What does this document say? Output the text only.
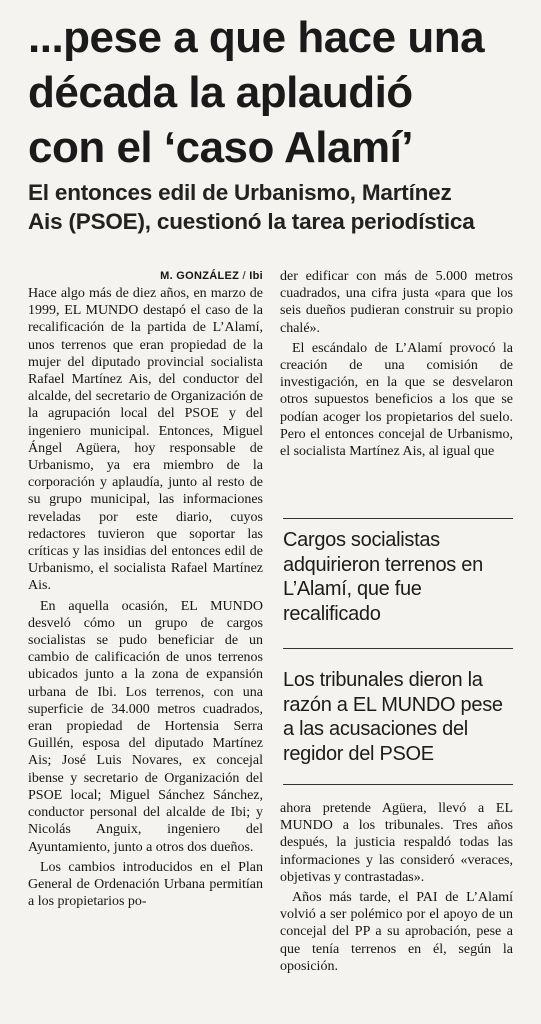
...pese a que hace una
década la aplaudió
con el ‘caso Alamí’
El entonces edil de Urbanismo, Martínez
Ais (PSOE), cuestionó la tarea periodística
M. GONZÁLEZ / Ibi

Hace algo más de diez años, en marzo de 1999, EL MUNDO destapó el caso de la recalificación de la partida de L’Alamí, unos terrenos que eran propiedad de la mujer del diputado provincial socialista Rafael Martínez Ais, del conductor del alcalde, del secretario de Organización de la agrupación local del PSOE y del ingeniero municipal. Entonces, Miguel Ángel Agüera, hoy responsable de Urbanismo, ya era miembro de la corporación y aplaudía, junto al resto de su grupo municipal, las informaciones reveladas por este diario, cuyos redactores tuvieron que soportar las críticas y las insidias del entonces edil de Urbanismo, el socialista Rafael Martínez Ais.

En aquella ocasión, EL MUNDO desveló cómo un grupo de cargos socialistas se pudo beneficiar de un cambio de calificación de unos terrenos ubicados junto a la zona de expansión urbana de Ibi. Los terrenos, con una superficie de 34.000 metros cuadrados, eran propiedad de Hortensia Serra Guillén, esposa del diputado Martínez Ais; José Luis Novares, ex concejal ibense y secretario de Organización del PSOE local; Miguel Sánchez Sánchez, conductor personal del alcalde de Ibi; y Nicolás Anguix, ingeniero del Ayuntamiento, junto a otros dos dueños.

Los cambios introducidos en el Plan General de Ordenación Urbana permitían a los propietarios po-

der edificar con más de 5.000 metros cuadrados, una cifra justa «para que los seis dueños pudieran construir su propio chalé».

El escándalo de L’Alamí provocó la creación de una comisión de investigación, en la que se desvelaron otros supuestos beneficios a los que se podían acoger los propietarios del suelo. Pero el entonces concejal de Urbanismo, el socialista Martínez Ais, al igual que

Cargos socialistas adquirieron terrenos en L’Alamí, que fue recalificado
Los tribunales dieron la razón a EL MUNDO pese a las acusaciones del regidor del PSOE

ahora pretende Agüera, llevó a EL MUNDO a los tribunales. Tres años después, la justicia respaldó todas las informaciones y las consideró «veraces, objetivas y contrastadas».

Años más tarde, el PAI de L’Alamí volvió a ser polémico por el apoyo de un concejal del PP a su aprobación, pese a que tenía terrenos en él, según la oposición.
